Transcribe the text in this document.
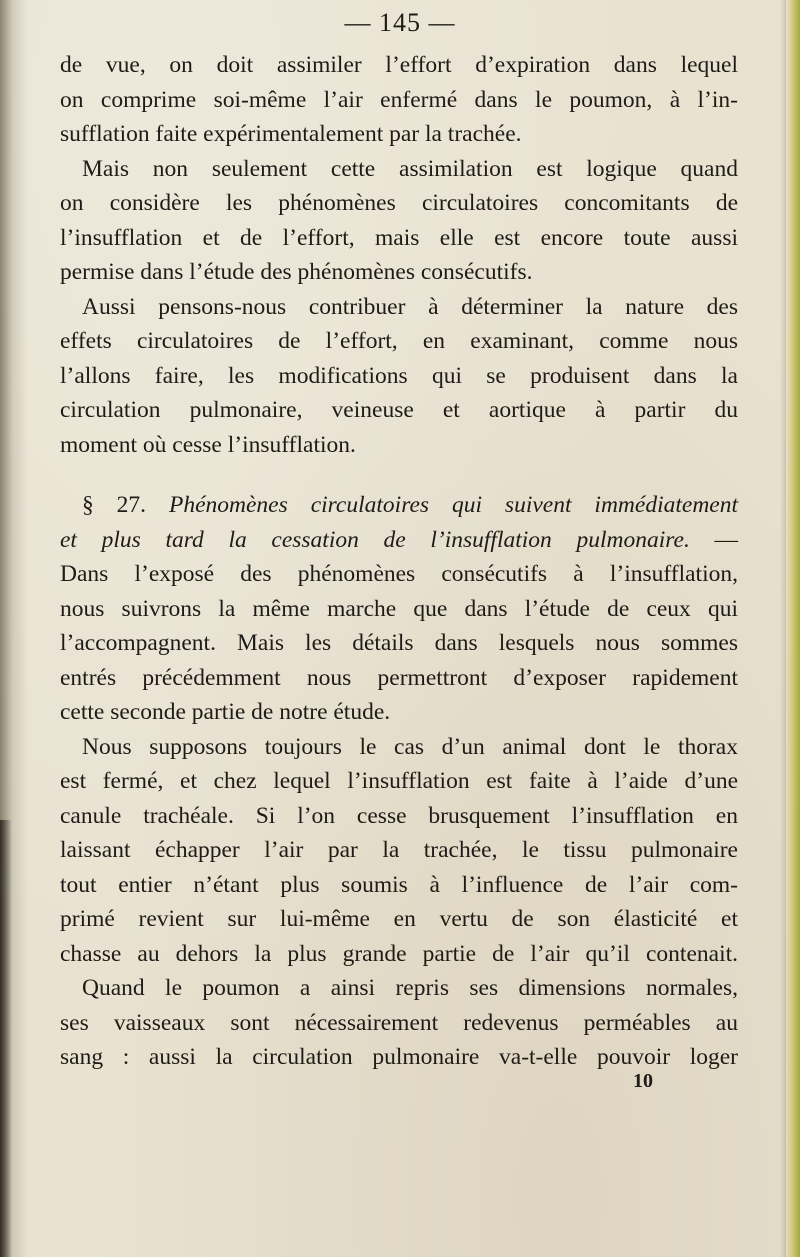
— 145 —
de vue, on doit assimiler l’effort d’expiration dans lequel
on comprime soi-même l’air enfermé dans le poumon, à l’in-
sufflation faite expérimentalement par la trachée.
Mais non seulement cette assimilation est logique quand
on considère les phénomènes circulatoires concomitants de
l’insufflation et de l’effort, mais elle est encore toute aussi
permise dans l’étude des phénomènes consécutifs.
Aussi pensons-nous contribuer à déterminer la nature des
effets circulatoires de l’effort, en examinant, comme nous
l’allons faire, les modifications qui se produisent dans la
circulation pulmonaire, veineuse et aortique à partir du
moment où cesse l’insufflation.
§ 27. Phénomènes circulatoires qui suivent immédiatement
et plus tard la cessation de l’insufflation pulmonaire. —
Dans l’exposé des phénomènes consécutifs à l’insufflation,
nous suivrons la même marche que dans l’étude de ceux qui
l’accompagnent. Mais les détails dans lesquels nous sommes
entrés précédemment nous permettront d’exposer rapidement
cette seconde partie de notre étude.
Nous supposons toujours le cas d’un animal dont le thorax
est fermé, et chez lequel l’insufflation est faite à l’aide d’une
canule trachéale. Si l’on cesse brusquement l’insufflation en
laissant échapper l’air par la trachée, le tissu pulmonaire
tout entier n’étant plus soumis à l’influence de l’air com-
primé revient sur lui-même en vertu de son élasticité et
chasse au dehors la plus grande partie de l’air qu’il contenait.
Quand le poumon a ainsi repris ses dimensions normales,
ses vaisseaux sont nécessairement redevenus perméables au
sang : aussi la circulation pulmonaire va-t-elle pouvoir loger
10
